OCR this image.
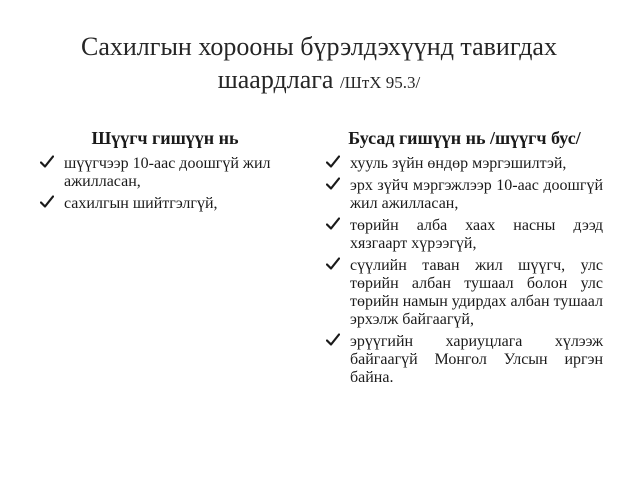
Сахилгын хорооны бүрэлдэхүүнд тавигдах шаардлага /ШтХ 95.3/
Шүүгч гишүүн нь
шүүгчээр 10-аас доошгүй жил ажилласан,
сахилгын шийтгэлгүй,
Бусад гишүүн нь /шүүгч бус/
хууль зүйн өндөр мэргэшилтэй,
эрх зүйч мэргэжлээр 10-аас доошгүй жил ажилласан,
төрийн алба хаах насны дээд хязгаарт хүрээгүй,
сүүлийн таван жил шүүгч, улс төрийн албан тушаал болон улс төрийн намын удирдах албан тушаал эрхэлж байгаагүй,
эрүүгийн хариуцлага хүлээж байгаагүй Монгол Улсын иргэн байна.
